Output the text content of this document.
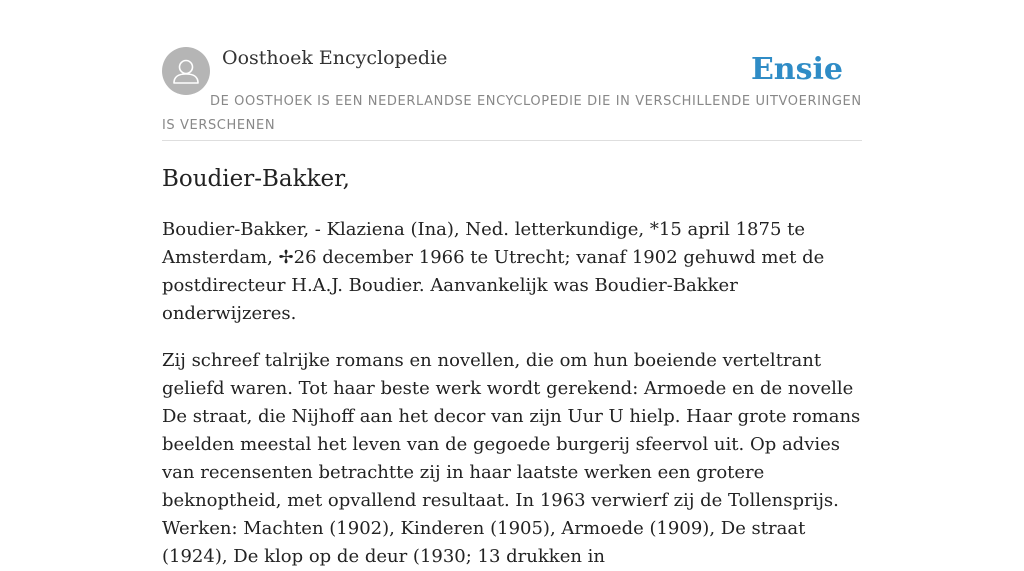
Oosthoek Encyclopedie	Ensie
DE OOSTHOEK IS EEN NEDERLANDSE ENCYCLOPEDIE DIE IN VERSCHILLENDE UITVOERINGEN IS VERSCHENEN
Boudier-Bakker,

Boudier-Bakker, - Klaziena (Ina), Ned. letterkundige, *15 april 1875 te Amsterdam, ✢26 december 1966 te Utrecht; vanaf 1902 gehuwd met de postdirecteur H.A.J. Boudier. Aanvankelijk was Boudier-Bakker onderwijzeres.

Zij schreef talrijke romans en novellen, die om hun boeiende verteltrant geliefd waren. Tot haar beste werk wordt gerekend: Armoede en de novelle De straat, die Nijhoff aan het decor van zijn Uur U hielp. Haar grote romans beelden meestal het leven van de gegoede burgerij sfeervol uit. Op advies van recensenten betrachtte zij in haar laatste werken een grotere beknoptheid, met opvallend resultaat. In 1963 verwierf zij de Tollensprijs. Werken: Machten (1902), Kinderen (1905), Armoede (1909), De straat (1924), De klop op de deur (1930; 13 drukken in
